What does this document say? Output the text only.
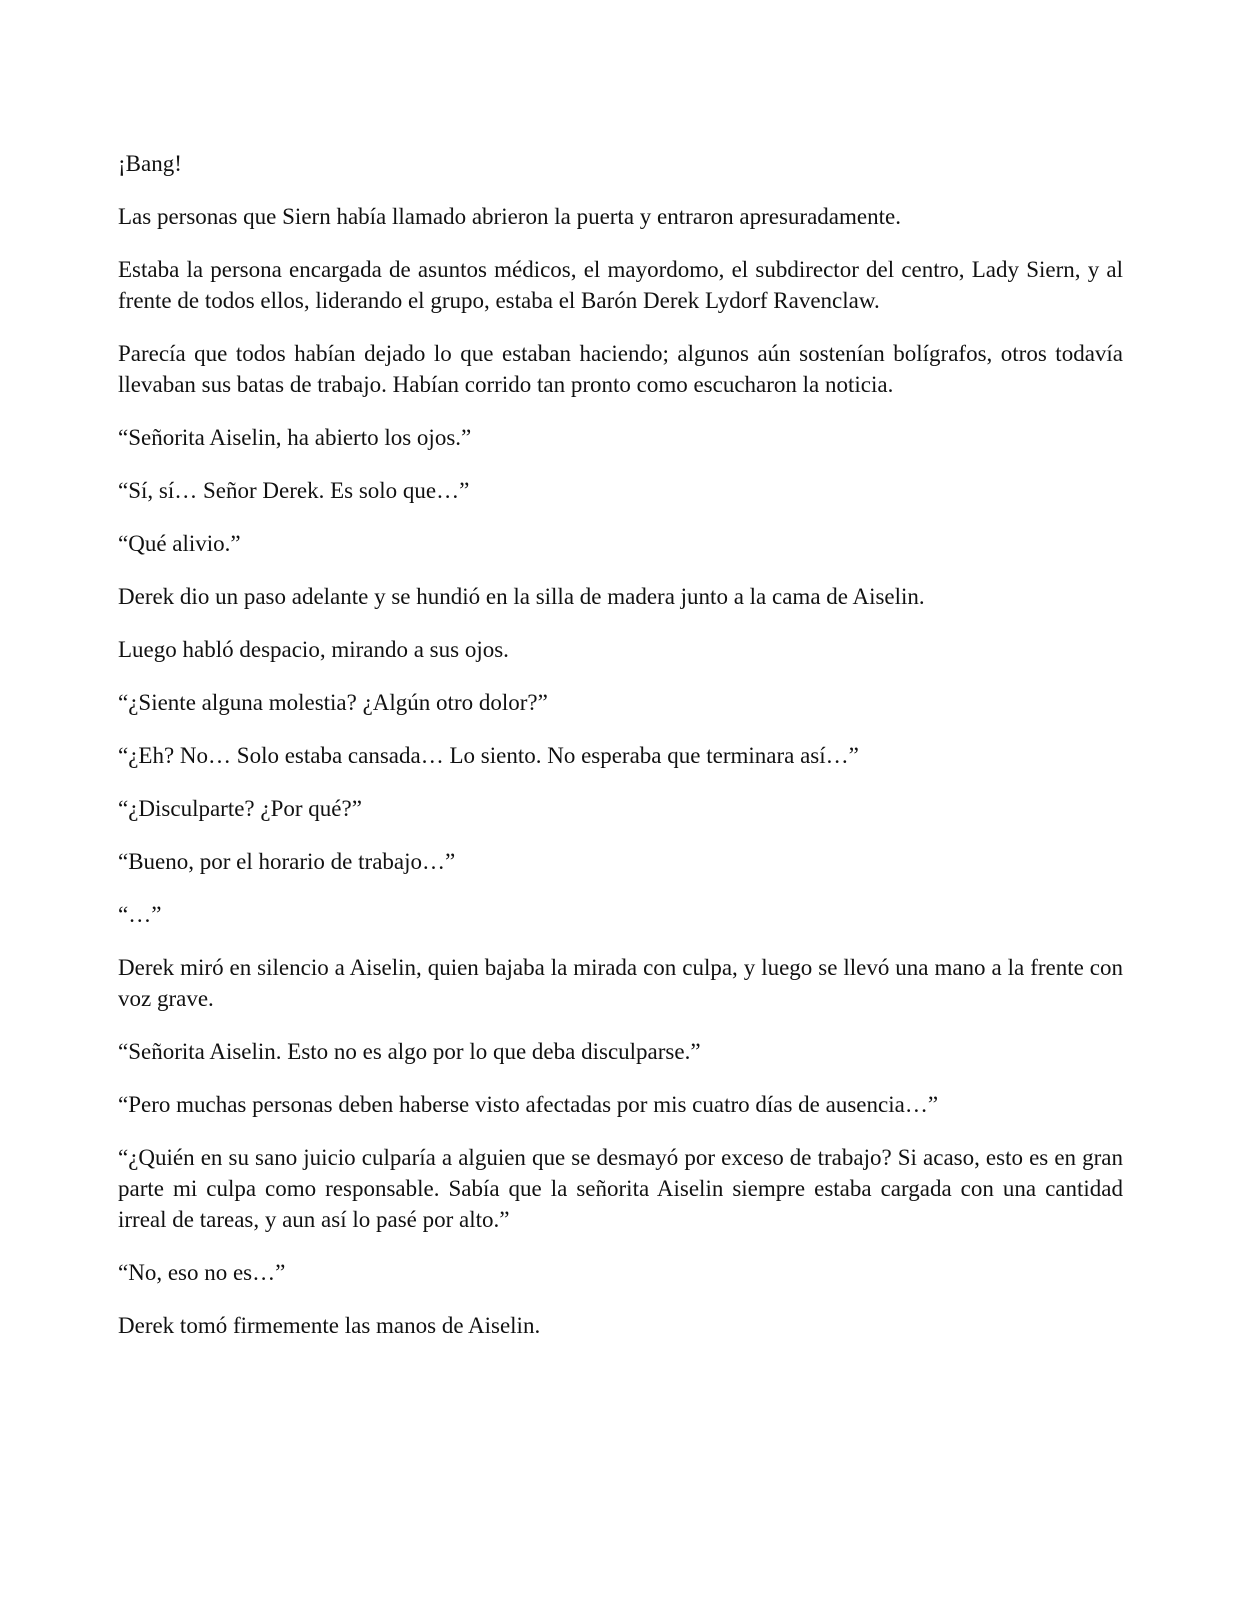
¡Bang!

Las personas que Siern había llamado abrieron la puerta y entraron apresuradamente.

Estaba la persona encargada de asuntos médicos, el mayordomo, el subdirector del centro, Lady Siern, y al frente de todos ellos, liderando el grupo, estaba el Barón Derek Lydorf Ravenclaw.

Parecía que todos habían dejado lo que estaban haciendo; algunos aún sostenían bolígrafos, otros todavía llevaban sus batas de trabajo. Habían corrido tan pronto como escucharon la noticia.

“Señorita Aiselin, ha abierto los ojos.”

“Sí, sí… Señor Derek. Es solo que…”

“Qué alivio.”

Derek dio un paso adelante y se hundió en la silla de madera junto a la cama de Aiselin.

Luego habló despacio, mirando a sus ojos.

“¿Siente alguna molestia? ¿Algún otro dolor?”

“¿Eh? No… Solo estaba cansada… Lo siento. No esperaba que terminara así…”

“¿Disculparte? ¿Por qué?”

“Bueno, por el horario de trabajo…”

“…”

Derek miró en silencio a Aiselin, quien bajaba la mirada con culpa, y luego se llevó una mano a la frente con voz grave.

“Señorita Aiselin. Esto no es algo por lo que deba disculparse.”

“Pero muchas personas deben haberse visto afectadas por mis cuatro días de ausencia…”

“¿Quién en su sano juicio culparía a alguien que se desmayó por exceso de trabajo? Si acaso, esto es en gran parte mi culpa como responsable. Sabía que la señorita Aiselin siempre estaba cargada con una cantidad irreal de tareas, y aun así lo pasé por alto.”

“No, eso no es…”

Derek tomó firmemente las manos de Aiselin.
